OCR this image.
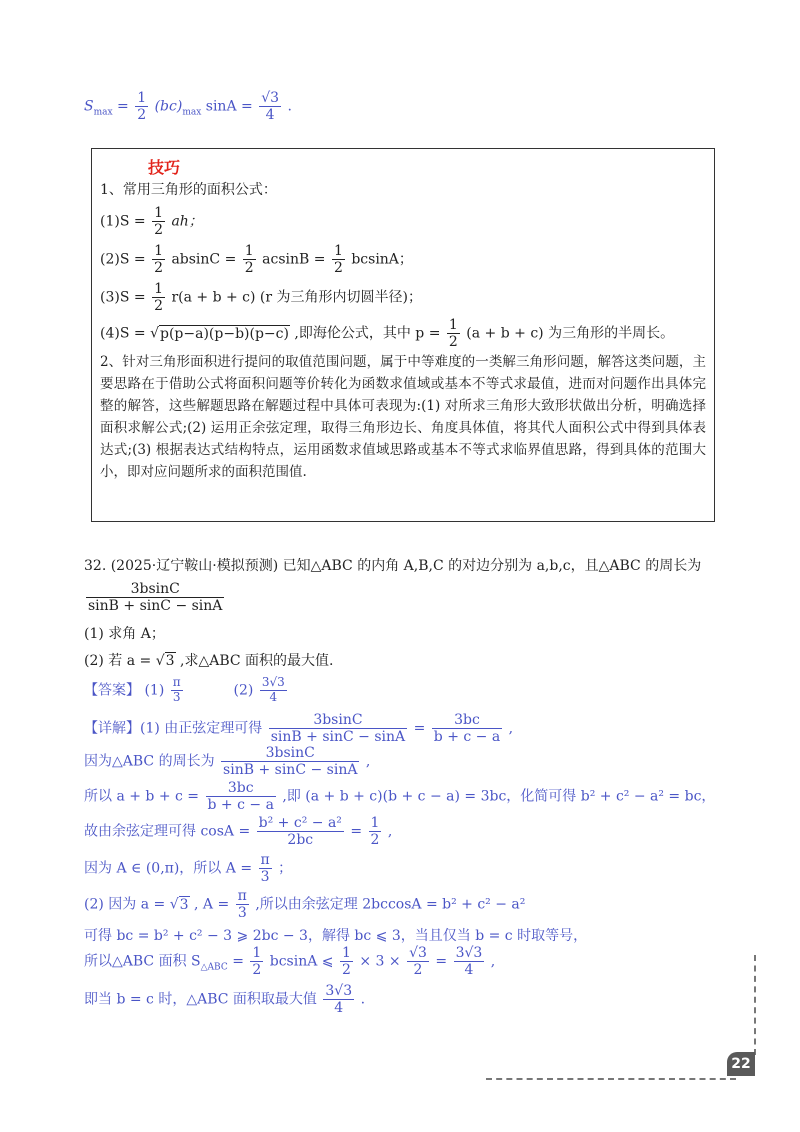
$S_{max} = \frac{1}{2} (bc)_{max}$ $\sin A = \frac{√3}{4}$ .
技巧
1、常用三角形的面积公式：
$(1)S = \frac{1}{2}$ ah；
$(2)S = \frac{1}{2}$ $absinC = \frac{1}{2}$ $acsinB = \frac{1}{2}$ bcsinA；
$(3)S = \frac{1}{2} r(a + b + c)$ (r 为三角形内切圆半径)；
(4)S = √p(p−a)(p−b)(p−c) ,即海伦公式，其中 $p = \frac{1}{2} (a + b + c)$ 为三角形的半周长。
2、针对三角形面积进行提问的取值范围问题，属于中等难度的一类解三角形问题，解答这类问题，主要思路在于借助公式将面积问题等价转化为函数求值域或基本不等式求最值，进而对问题作出具体完整的解答，这些解题思路在解题过程中具体可表现为:(1) 对所求三角形大致形状做出分析，明确选择面积求解公式;(2) 运用正余弦定理，取得三角形边长、角度具体值，将其代人面积公式中得到具体表达式;(3) 根据表达式结构特点，运用函数求值域思路或基本不等式求临界值思路，得到具体的范围大小，即对应问题所求的面积范围值.
32. (2025·辽宁鞍山·模拟预测) 已知△ABC 的内角 A,B,C 的对边分别为 a,b,c，且△ABC 的周长为
$\frac{3bsinC}{\sin B + \sin C - \sin A}$
(1) 求角 A；
(2) 若 a = √3 ,求△ABC 面积的最大值.
【答案】 $(1) \frac{\pi}{3}$	$(2) \frac{3√3}{4}$
【详解】(1) 由正弦定理可得 $\frac{3bsinC}{\sin B + \sin C - \sin A} = \frac{3bc}{b + c - a}$ ,
因为△ABC 的周长为 $\frac{3bsinC}{\sin B + \sin C - \sin A}$ ,
所以 $a + b + c = \frac{3bc}{b + c - a}$ ,即 (a + b + c)(b + c − a) = 3bc，化简可得 b² + c² − a² = bc，
故由余弦定理可得 $\cos A = \frac{\text{b² + c² − a²}}{2bc} = \frac{1}{2}$ ,
因为 A ∈ (0,π)，所以 $A = \frac{\pi}{3}$ ；
(2) 因为 a = √3 , $A = \frac{\pi}{3}$ ,所以由余弦定理 2bccosA = b² + c² − a²
可得 bc = b² + c² − 3 ⩾ 2bc − 3，解得 bc ⩽ 3，当且仅当 b = c 时取等号，
所以△ABC 面积 $S_{\triangle ABC} = \frac{1}{2}$ bcsinA ⩽ $\frac{1}{2} \times 3 \times \frac{√3}{2} = \frac{3√3}{4}$ ,
即当 b = c 时，△ABC 面积取最大值 $\frac{3√3}{4}$ .
22
